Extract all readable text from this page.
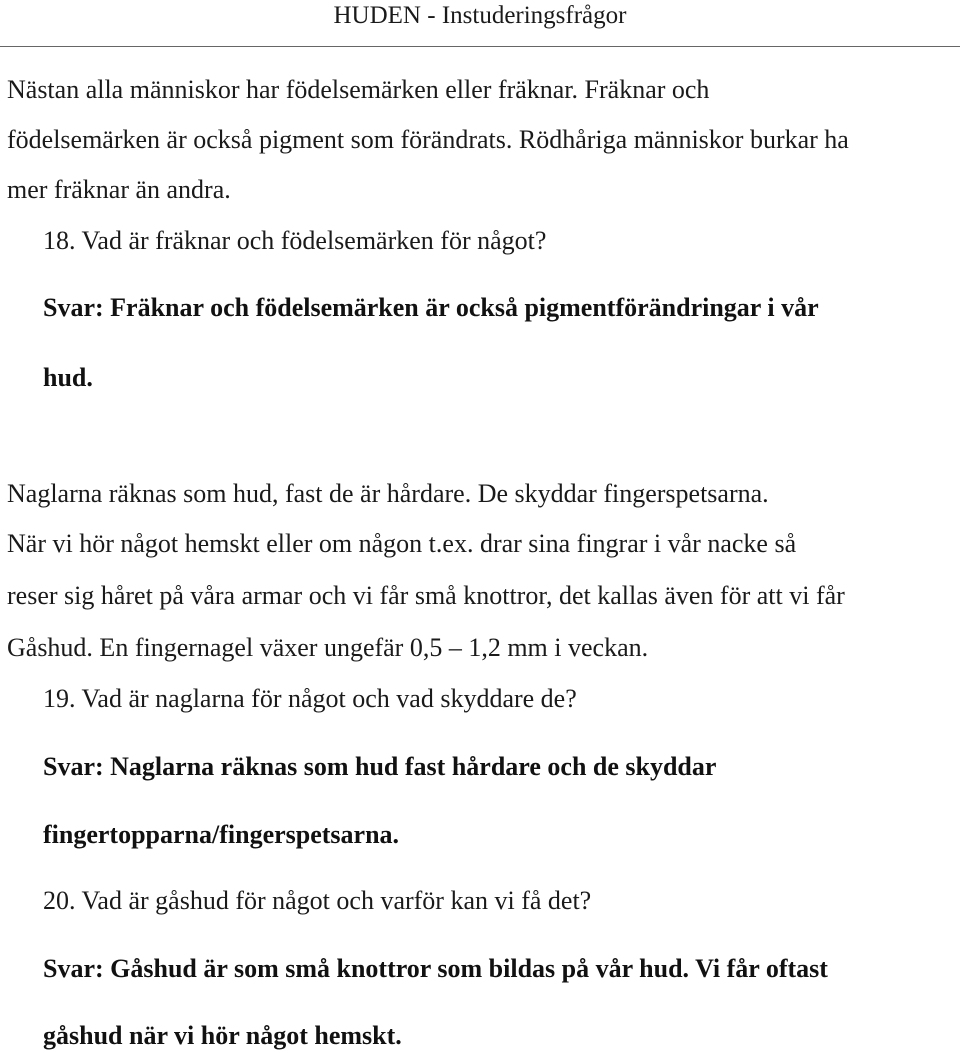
HUDEN - Instuderingsfrågor
Nästan alla människor har födelsemärken eller fräknar. Fräknar och
födelsemärken är också pigment som förändrats. Rödhåriga människor burkar ha
mer fräknar än andra.
18. Vad är fräknar och födelsemärken för något?
Svar: Fräknar och födelsemärken är också pigmentförändringar i vår
hud.
Naglarna räknas som hud, fast de är hårdare. De skyddar fingerspetsarna.
När vi hör något hemskt eller om någon t.ex. drar sina fingrar i vår nacke så
reser sig håret på våra armar och vi får små knottror, det kallas även för att vi får
Gåshud. En fingernagel växer ungefär 0,5 – 1,2 mm i veckan.
19. Vad är naglarna för något och vad skyddare de?
Svar: Naglarna räknas som hud fast hårdare och de skyddar
fingertopparna/fingerspetsarna.
20. Vad är gåshud för något och varför kan vi få det?
Svar: Gåshud är som små knottror som bildas på vår hud. Vi får oftast
gåshud när vi hör något hemskt.
